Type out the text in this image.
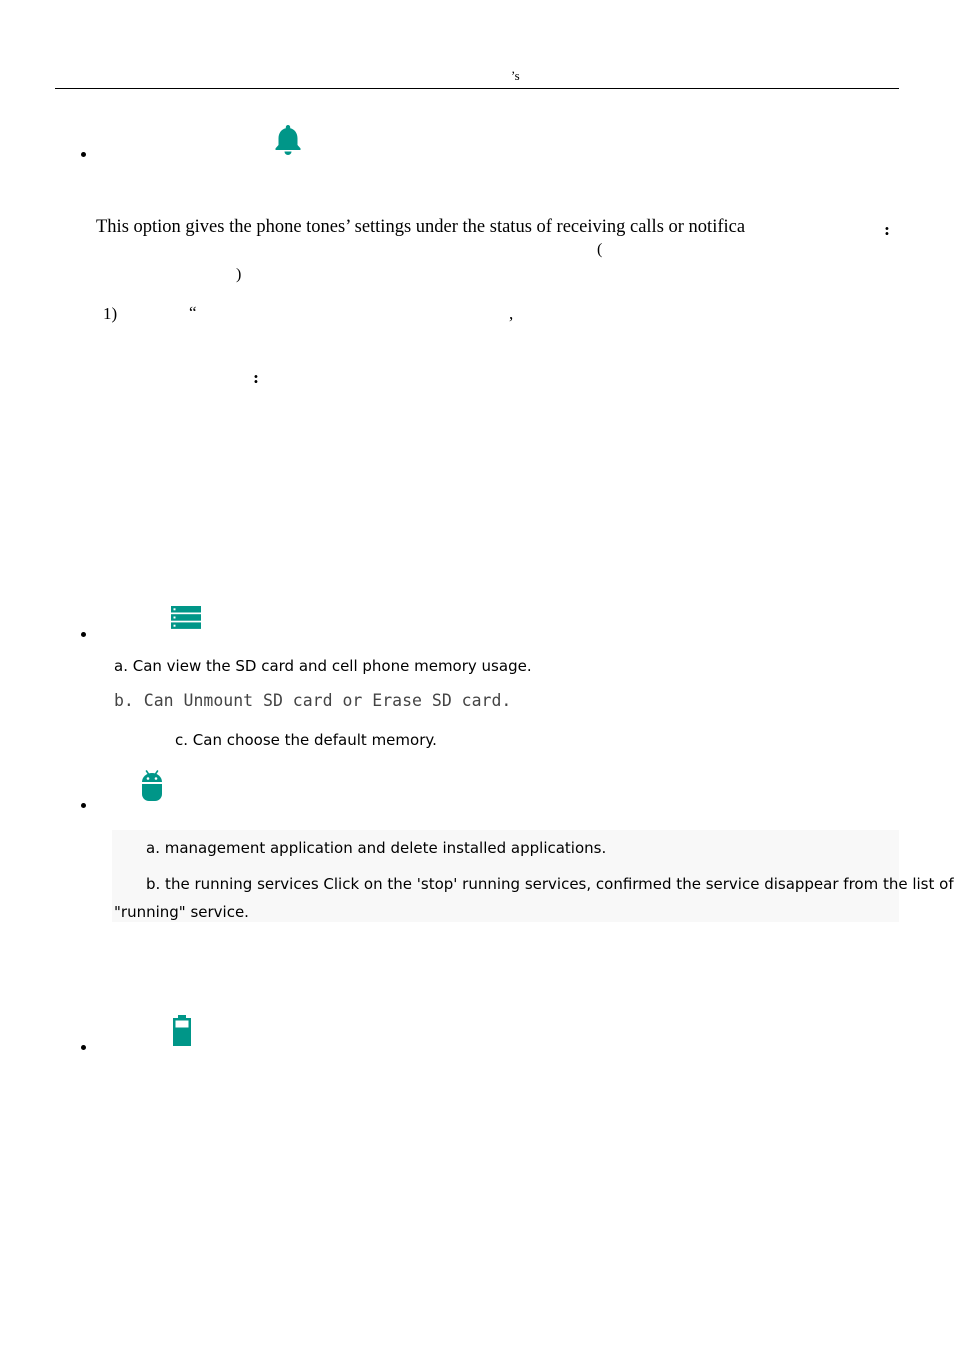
’s
This option gives the phone tones’ settings under the status of receiving calls or notifica	:
(
)
1)	“	,
:
a. Can view the SD card and cell phone memory usage.
b. Can Unmount SD card or Erase SD card.
c. Can choose the default memory.
a. management application and delete installed applications.
b. the running services Click on the 'stop' running services, confirmed the service disappear from the list of
"running" service.
